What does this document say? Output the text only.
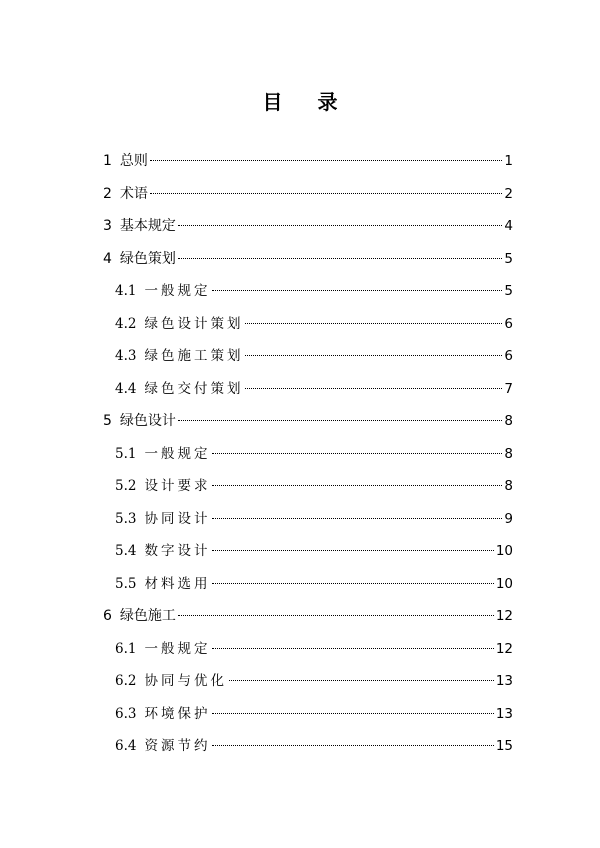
目 录
1 总则	1
2 术语	2
3 基本规定	4
4 绿色策划	5
4.1 一般规定	5
4.2 绿色设计策划	6
4.3 绿色施工策划	6
4.4 绿色交付策划	7
5 绿色设计	8
5.1 一般规定	8
5.2 设计要求	8
5.3 协同设计	9
5.4 数字设计	10
5.5 材料选用	10
6 绿色施工	12
6.1 一般规定	12
6.2 协同与优化	13
6.3 环境保护	13
6.4 资源节约	15
